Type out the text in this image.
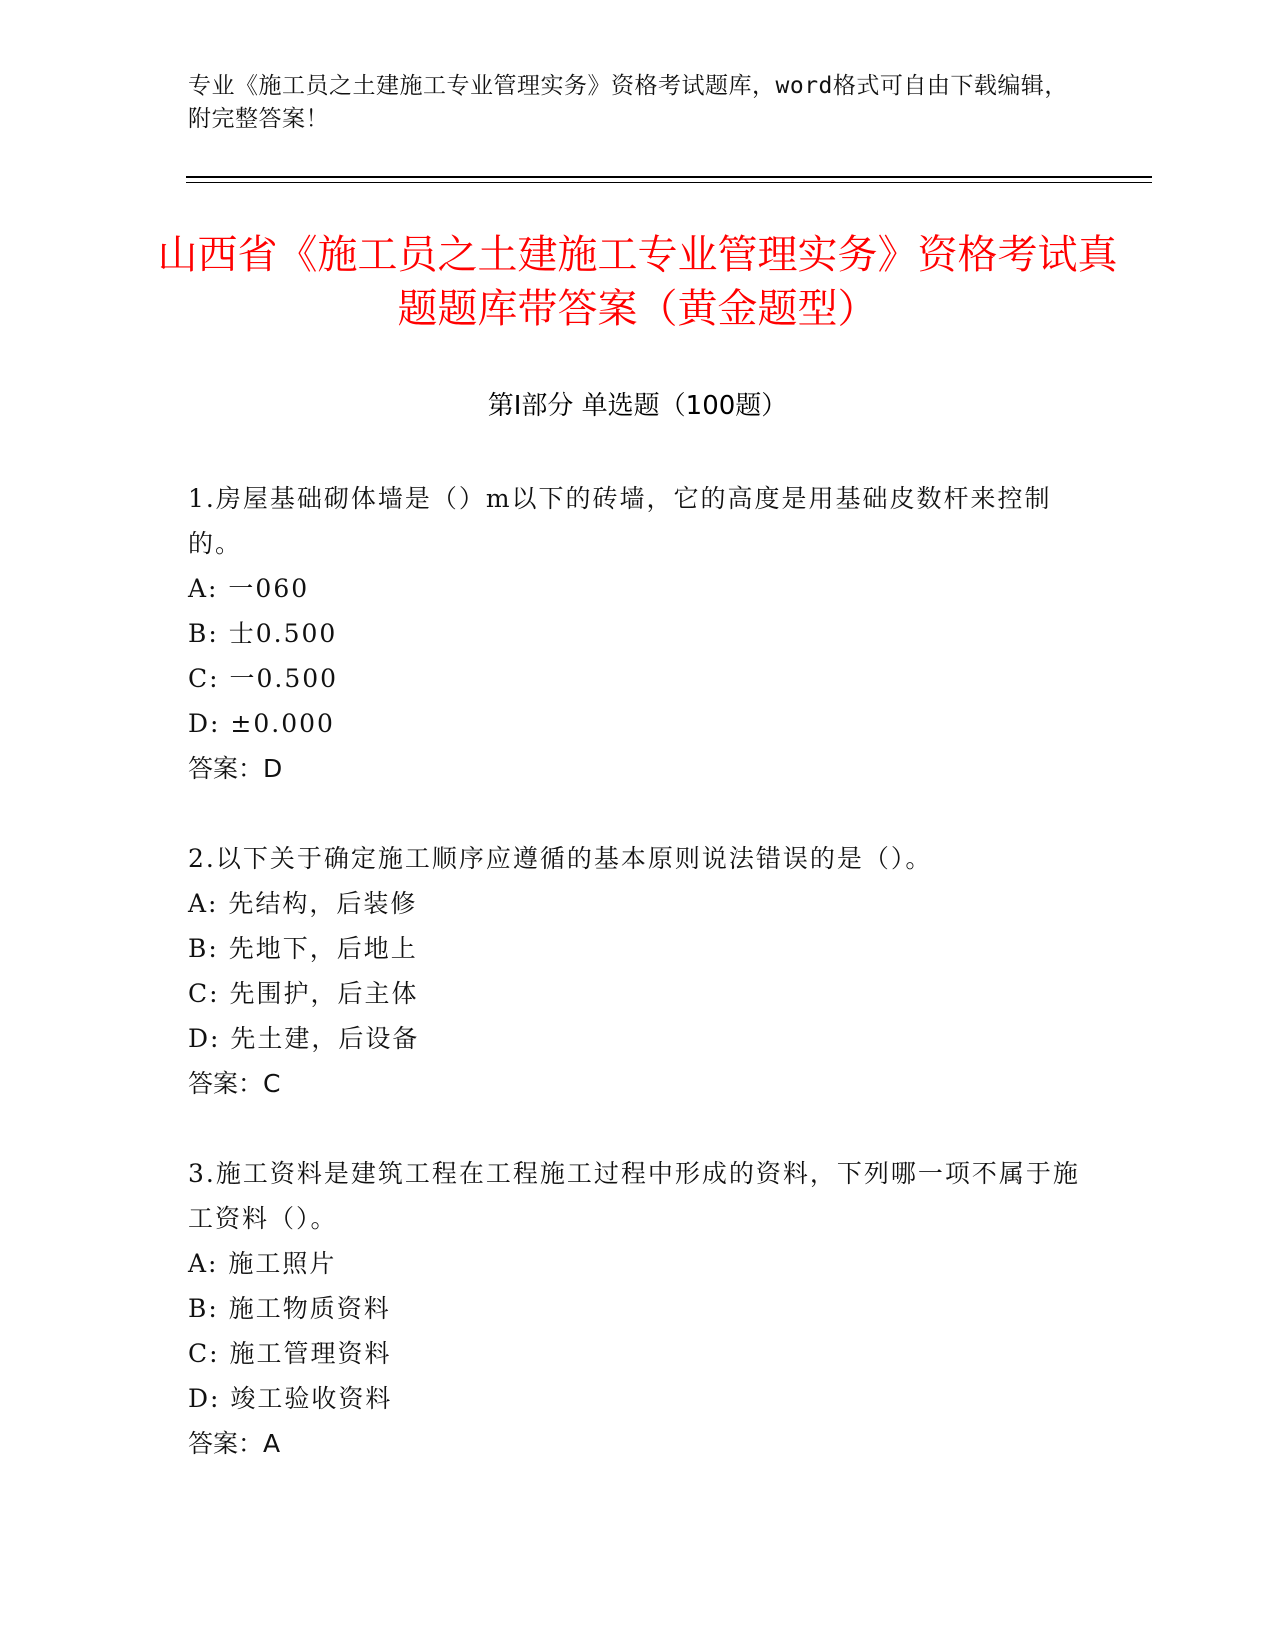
专业《施工员之土建施工专业管理实务》资格考试题库，word格式可自由下载编辑，附完整答案！
山西省《施工员之土建施工专业管理实务》资格考试真题题库带答案（黄金题型）
第Ⅰ部分 单选题（100题）
1.房屋基础砌体墙是（）m以下的砖墙，它的高度是用基础皮数杆来控制的。
A: 一060
B: 士0.500
C: 一0.500
D: ±0.000
答案：D
2.以下关于确定施工顺序应遵循的基本原则说法错误的是（）。
A: 先结构，后装修
B: 先地下，后地上
C: 先围护，后主体
D: 先土建，后设备
答案：C
3.施工资料是建筑工程在工程施工过程中形成的资料，下列哪一项不属于施工资料（）。
A: 施工照片
B: 施工物质资料
C: 施工管理资料
D: 竣工验收资料
答案：A
